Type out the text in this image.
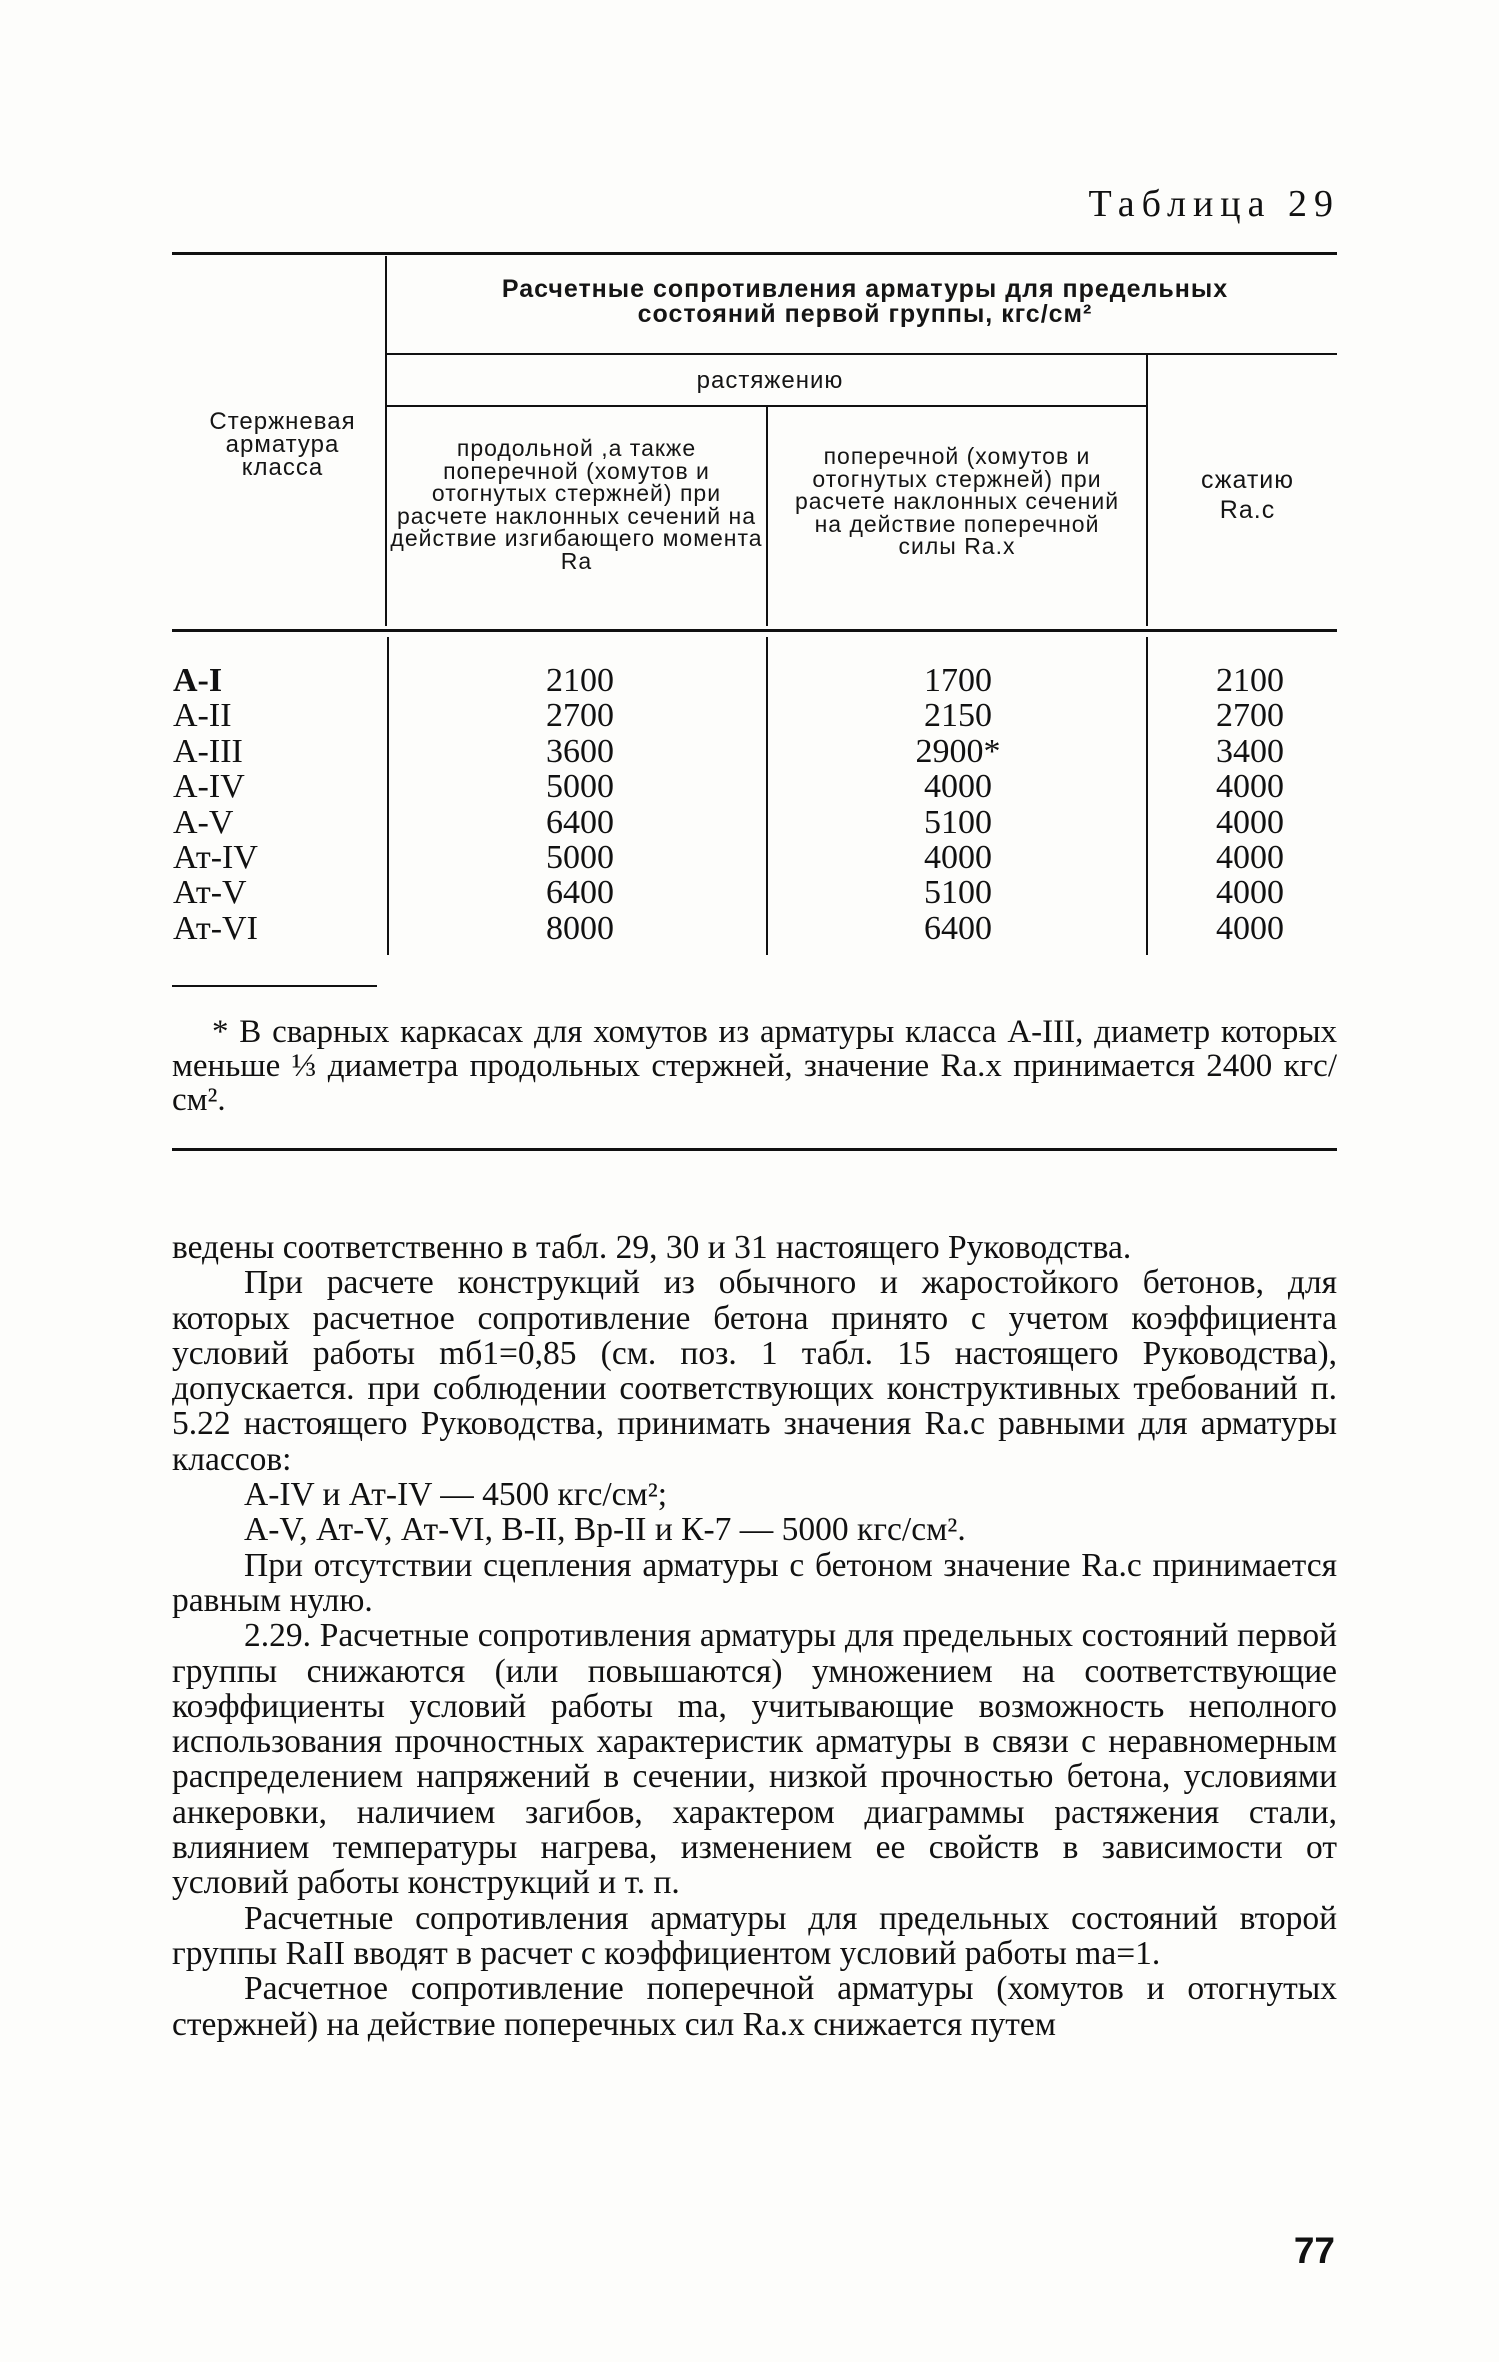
Таблица 29
Стержневая арматура класса
Расчетные сопротивления арматуры для предельных состояний первой группы, кгс/см²
растяжению
продольной ,а также поперечной (хомутов и отогнутых стержней) при расчете наклонных сечений на действие изгибающего момента Rа
поперечной (хомутов и отогнутых стержней) при расчете наклонных сечений на действие поперечной силы Rа.х
сжатию Rа.с
А-I
А-II
А-III
А-IV
А-V
Ат-IV
Ат-V
Ат-VI
2100
2700
3600
5000
6400
5000
6400
8000
1700
2150
2900*
4000
5100
4000
5100
6400
2100
2700
3400
4000
4000
4000
4000
4000
* В сварных каркасах для хомутов из арматуры класса А-III, диаметр которых меньше ⅓ диаметра продольных стержней, значение Rа.х принимается 2400 кгс/см².

ведены соответственно в табл. 29, 30 и 31 настоящего Руководства.

При расчете конструкций из обычного и жаростойкого бетонов, для которых расчетное сопротивление бетона принято с учетом коэффициента условий работы mб1=0,85 (см. поз. 1 табл. 15 настоящего Руководства), допускается. при соблюдении соответствующих конструктивных требований п. 5.22 настоящего Руководства, принимать значения Rа.с равными для арматуры классов:

А-IV и Ат-IV — 4500 кгс/см²;

А-V, Ат-V, Ат-VI, В-II, Вр-II и К-7 — 5000 кгс/см².

При отсутствии сцепления арматуры с бетоном значение Rа.с принимается равным нулю.

2.29. Расчетные сопротивления арматуры для предельных состояний первой группы снижаются (или повышаются) умножением на соответствующие коэффициенты условий работы mа, учитывающие возможность неполного использования прочностных характеристик арматуры в связи с неравномерным распределением напряжений в сечении, низкой прочностью бетона, условиями анкеровки, наличием загибов, характером диаграммы растяжения стали, влиянием температуры нагрева, изменением ее свойств в зависимости от условий работы конструкций и т. п.

Расчетные сопротивления арматуры для предельных состояний второй группы RaII вводят в расчет с коэффициентом условий работы mа=1.

Расчетное сопротивление поперечной арматуры (хомутов и отогнутых стержней) на действие поперечных сил Rа.х снижается путем

77
